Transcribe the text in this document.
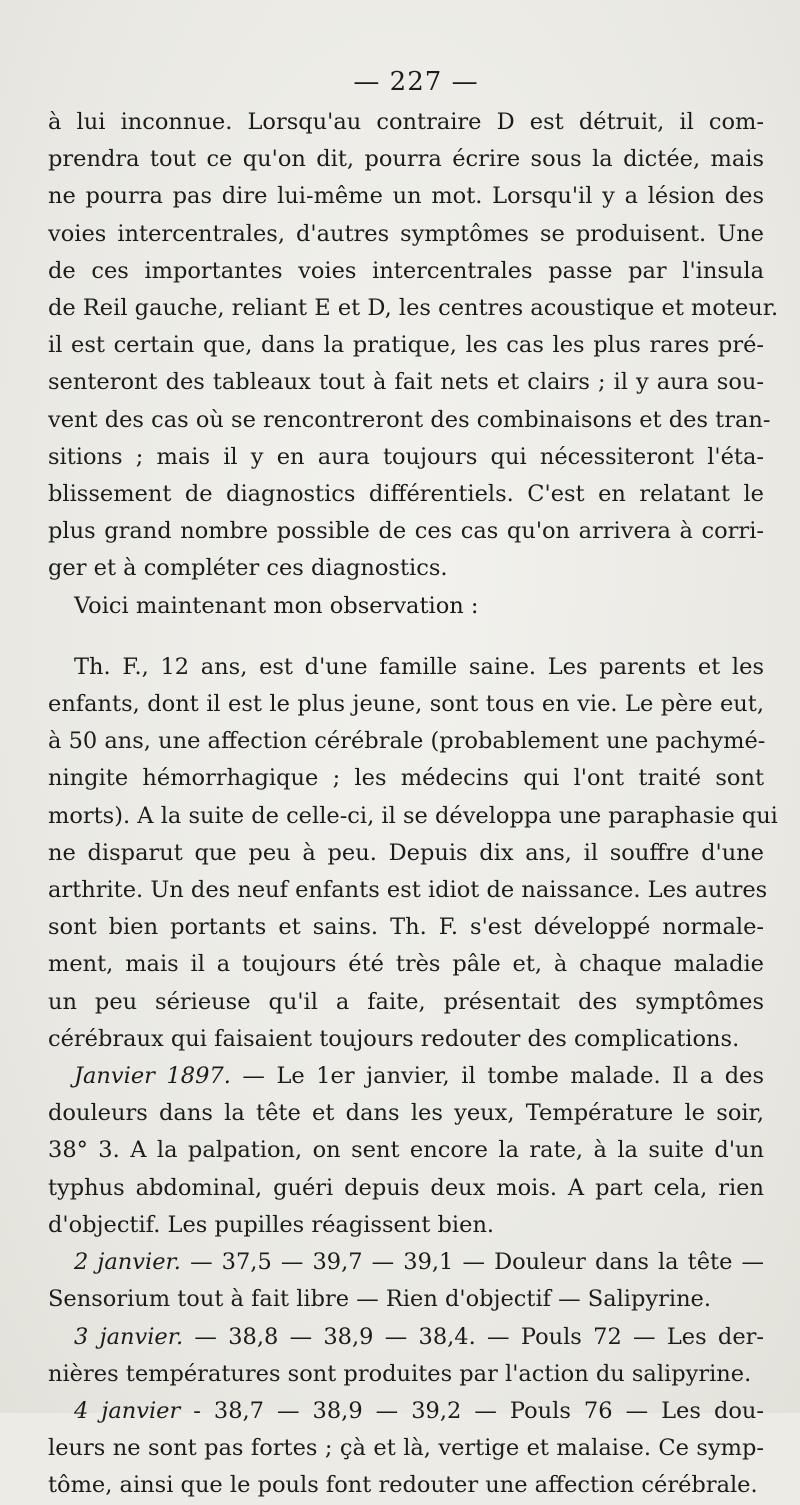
— 227 —

à lui inconnue. Lorsqu'au contraire D est détruit, il com-
prendra tout ce qu'on dit, pourra écrire sous la dictée, mais
ne pourra pas dire lui-même un mot. Lorsqu'il y a lésion des
voies intercentrales, d'autres symptômes se produisent. Une
de ces importantes voies intercentrales passe par l'insula
de Reil gauche, reliant E et D, les centres acoustique et moteur.
il est certain que, dans la pratique, les cas les plus rares pré-
senteront des tableaux tout à fait nets et clairs ; il y aura sou-
vent des cas où se rencontreront des combinaisons et des tran-
sitions ; mais il y en aura toujours qui nécessiteront l'éta-
blissement de diagnostics différentiels. C'est en relatant le
plus grand nombre possible de ces cas qu'on arrivera à corri-
ger et à compléter ces diagnostics.

Voici maintenant mon observation :

Th. F., 12 ans, est d'une famille saine. Les parents et les
enfants, dont il est le plus jeune, sont tous en vie. Le père eut,
à 50 ans, une affection cérébrale (probablement une pachymé-
ningite hémorrhagique ; les médecins qui l'ont traité sont
morts). A la suite de celle-ci, il se développa une paraphasie qui
ne disparut que peu à peu. Depuis dix ans, il souffre d'une
arthrite. Un des neuf enfants est idiot de naissance. Les autres
sont bien portants et sains. Th. F. s'est développé normale-
ment, mais il a toujours été très pâle et, à chaque maladie
un peu sérieuse qu'il a faite, présentait des symptômes
cérébraux qui faisaient toujours redouter des complications.

Janvier 1897. — Le 1er janvier, il tombe malade. Il a des
douleurs dans la tête et dans les yeux, Température le soir,
38° 3. A la palpation, on sent encore la rate, à la suite d'un
typhus abdominal, guéri depuis deux mois. A part cela, rien
d'objectif. Les pupilles réagissent bien.

2 janvier. — 37,5 — 39,7 — 39,1 — Douleur dans la tête —
Sensorium tout à fait libre — Rien d'objectif — Salipyrine.

3 janvier. — 38,8 — 38,9 — 38,4. — Pouls 72 — Les der-
nières températures sont produites par l'action du salipyrine.

4 janvier - 38,7 — 38,9 — 39,2 — Pouls 76 — Les dou-
leurs ne sont pas fortes ; çà et là, vertige et malaise. Ce symp-
tôme, ainsi que le pouls font redouter une affection cérébrale.
